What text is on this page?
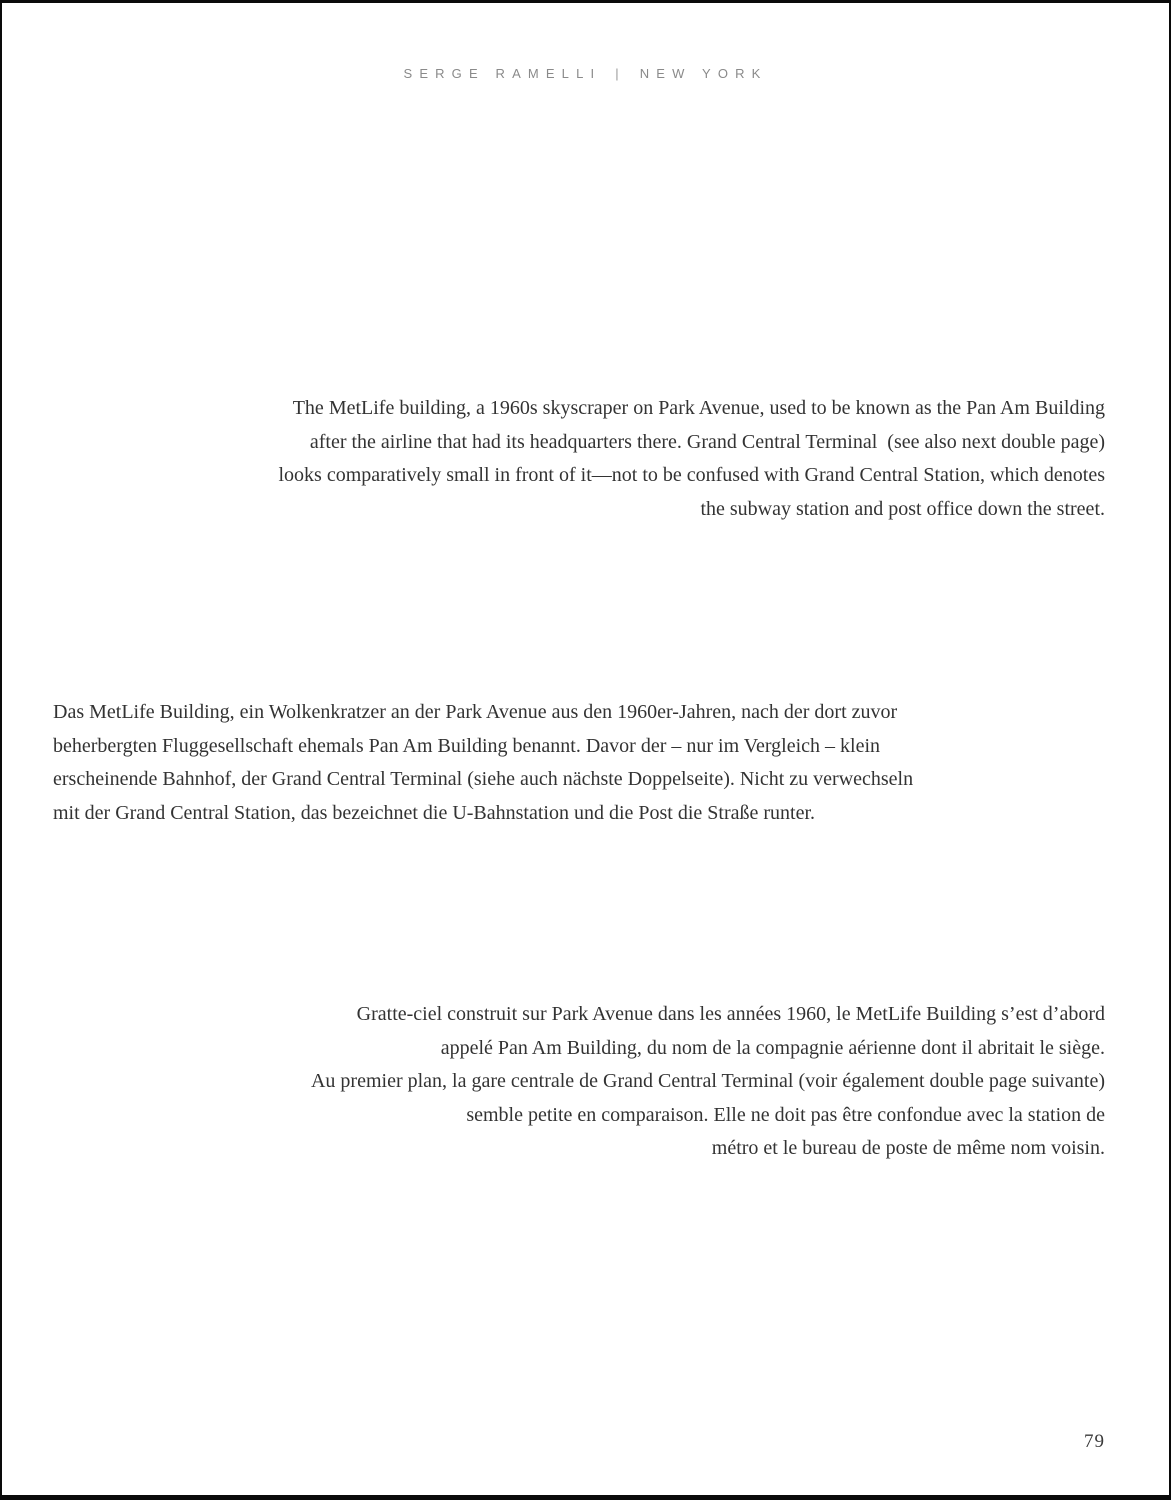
SERGE RAMELLI | NEW YORK
The MetLife building, a 1960s skyscraper on Park Avenue, used to be known as the Pan Am Building
after the airline that had its headquarters there. Grand Central Terminal  (see also next double page)
looks comparatively small in front of it—not to be confused with Grand Central Station, which denotes
the subway station and post office down the street.
Das MetLife Building, ein Wolkenkratzer an der Park Avenue aus den 1960er-Jahren, nach der dort zuvor
beherbergten Fluggesellschaft ehemals Pan Am Building benannt. Davor der – nur im Vergleich – klein
erscheinende Bahnhof, der Grand Central Terminal (siehe auch nächste Doppelseite). Nicht zu verwechseln
mit der Grand Central Station, das bezeichnet die U-Bahnstation und die Post die Straße runter.
Gratte-ciel construit sur Park Avenue dans les années 1960, le MetLife Building s’est d’abord
appelé Pan Am Building, du nom de la compagnie aérienne dont il abritait le siège.
Au premier plan, la gare centrale de Grand Central Terminal (voir également double page suivante)
semble petite en comparaison. Elle ne doit pas être confondue avec la station de
métro et le bureau de poste de même nom voisin.
79
